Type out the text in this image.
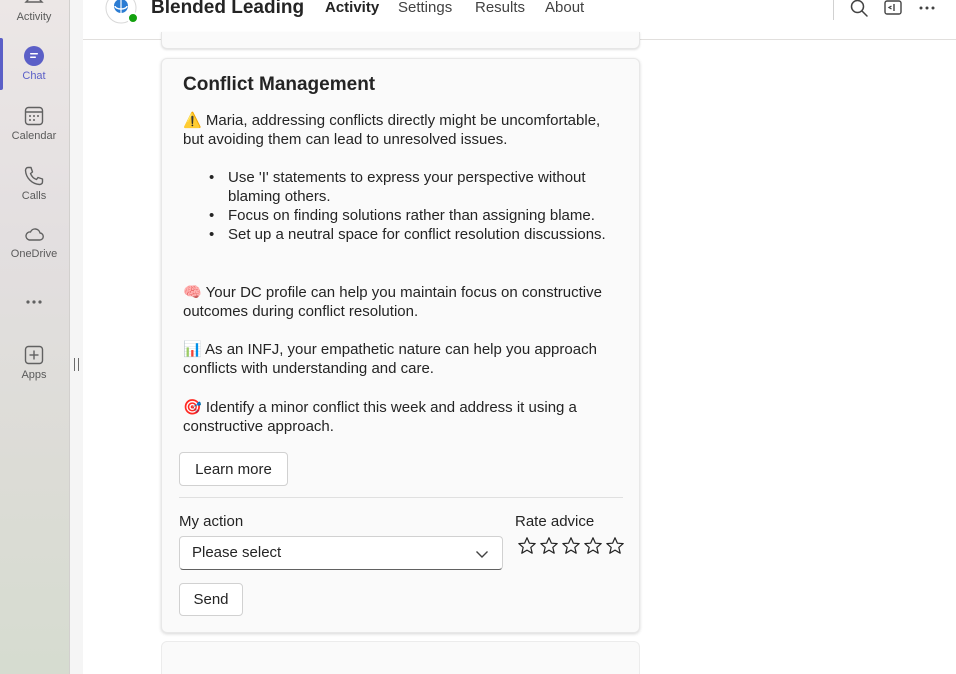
Activity
Chat
Calendar
Calls
OneDrive
Apps
Blended Leading Activity Settings Results About
Conflict Management
⚠️ Maria, addressing conflicts directly might be uncomfortable, but avoiding them can lead to unresolved issues.
• Use 'I' statements to express your perspective without blaming others.
• Focus on finding solutions rather than assigning blame.
• Set up a neutral space for conflict resolution discussions.
🧠 Your DC profile can help you maintain focus on constructive outcomes during conflict resolution.
📊 As an INFJ, your empathetic nature can help you approach conflicts with understanding and care.
🎯 Identify a minor conflict this week and address it using a constructive approach.
Learn more
My action	Rate advice
Please select
Send
